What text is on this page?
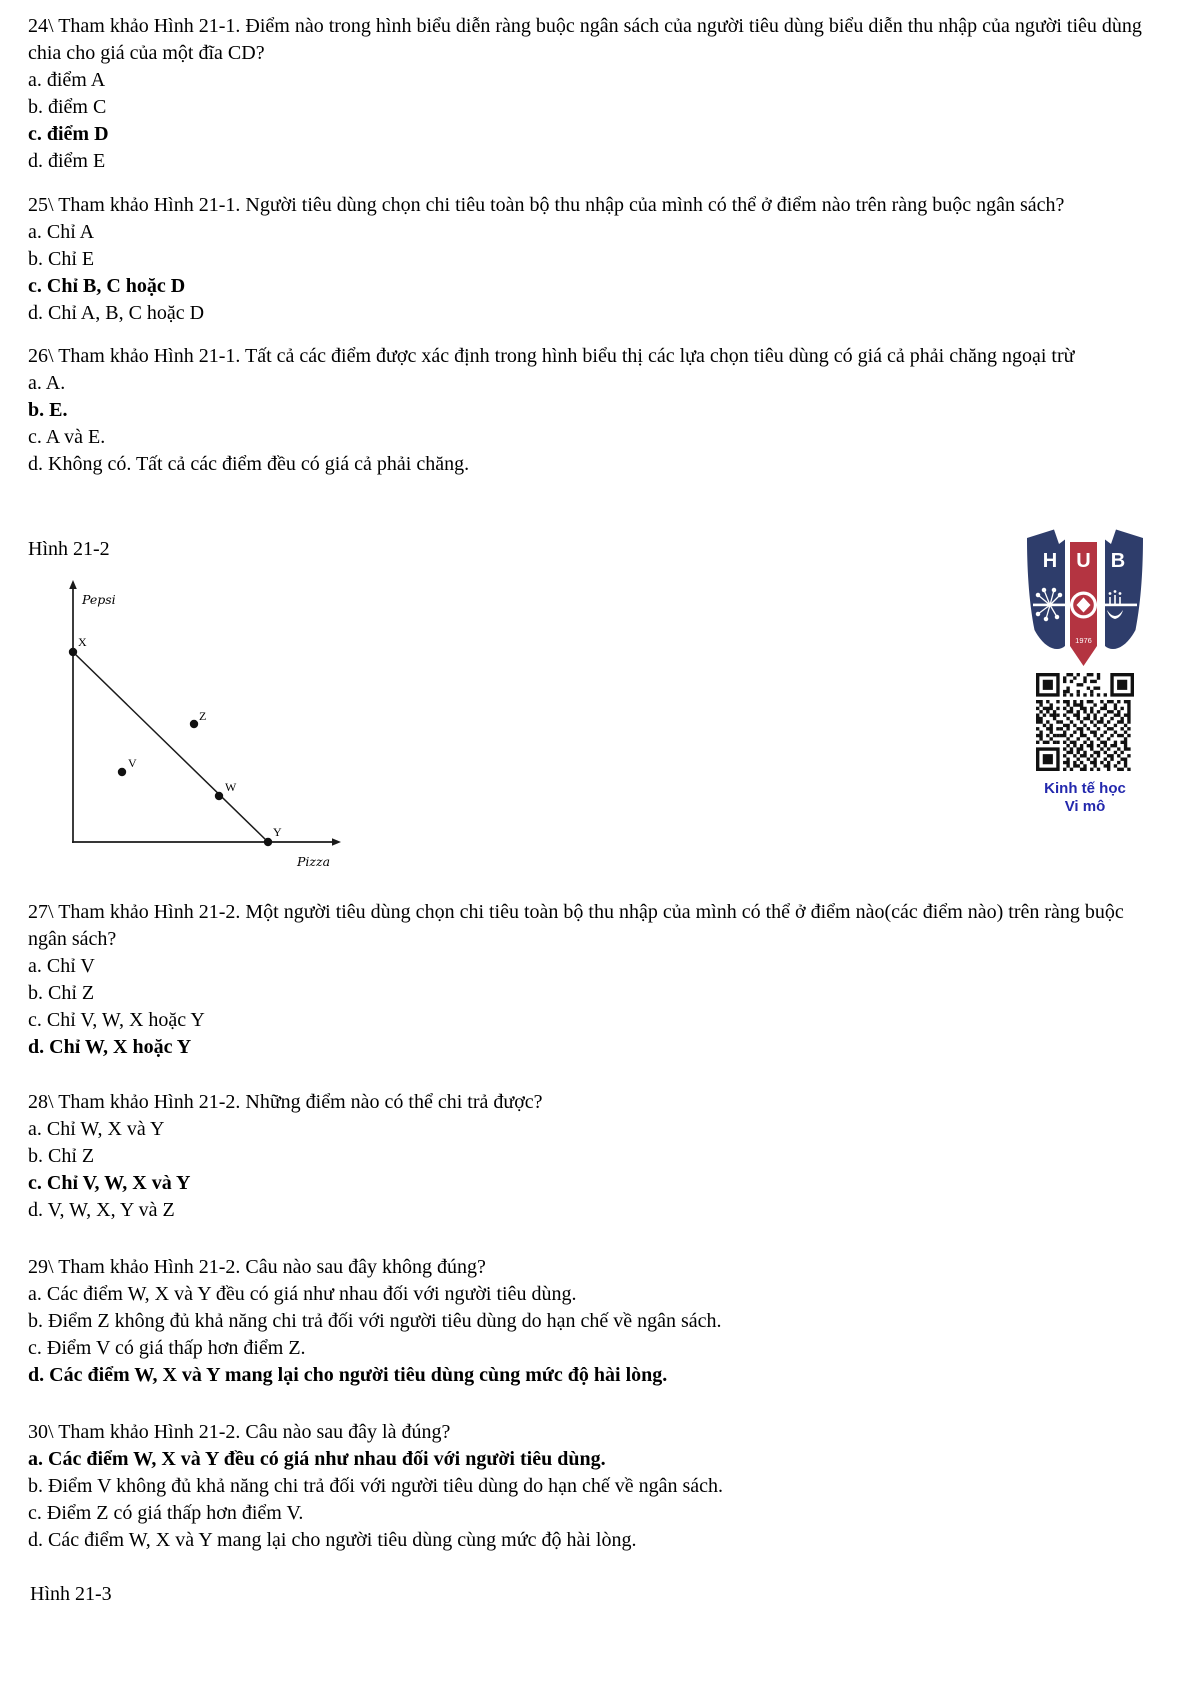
24\ Tham khảo Hình 21-1. Điểm nào trong hình biểu diễn ràng buộc ngân sách của người tiêu dùng biểu diễn thu nhập của người tiêu dùng chia cho giá của một đĩa CD?

a. điểm A

b. điểm C

c. điểm D

d. điểm E

25\ Tham khảo Hình 21-1. Người tiêu dùng chọn chi tiêu toàn bộ thu nhập của mình có thể ở điểm nào trên ràng buộc ngân sách?

a. Chỉ A

b. Chỉ E

c. Chỉ B, C hoặc D

d. Chỉ A, B, C hoặc D

26\ Tham khảo Hình 21-1. Tất cả các điểm được xác định trong hình biểu thị các lựa chọn tiêu dùng có giá cả phải chăng ngoại trừ

a. A.

b. E.

c. A và E.

d. Không có. Tất cả các điểm đều có giá cả phải chăng.

Hình 21-2

Pepsi
Pizza
X
Z
V
W
Y

27\ Tham khảo Hình 21-2. Một người tiêu dùng chọn chi tiêu toàn bộ thu nhập của mình có thể ở điểm nào(các điểm nào) trên ràng buộc ngân sách?

a. Chỉ V

b. Chỉ Z

c. Chỉ V, W, X hoặc Y

d. Chỉ W, X hoặc Y

28\ Tham khảo Hình 21-2. Những điểm nào có thể chi trả được?

a. Chỉ W, X và Y

b. Chỉ Z

c. Chỉ V, W, X và Y

d. V, W, X, Y và Z

29\ Tham khảo Hình 21-2. Câu nào sau đây không đúng?

a. Các điểm W, X và Y đều có giá như nhau đối với người tiêu dùng.

b. Điểm Z không đủ khả năng chi trả đối với người tiêu dùng do hạn chế về ngân sách.

c. Điểm V có giá thấp hơn điểm Z.

d. Các điểm W, X và Y mang lại cho người tiêu dùng cùng mức độ hài lòng.

30\ Tham khảo Hình 21-2. Câu nào sau đây là đúng?

a. Các điểm W, X và Y đều có giá như nhau đối với người tiêu dùng.

b. Điểm V không đủ khả năng chi trả đối với người tiêu dùng do hạn chế về ngân sách.

c. Điểm Z có giá thấp hơn điểm V.

d. Các điểm W, X và Y mang lại cho người tiêu dùng cùng mức độ hài lòng.

Hình 21-3

H U B
1976
Kinh tế học
Vi mô
